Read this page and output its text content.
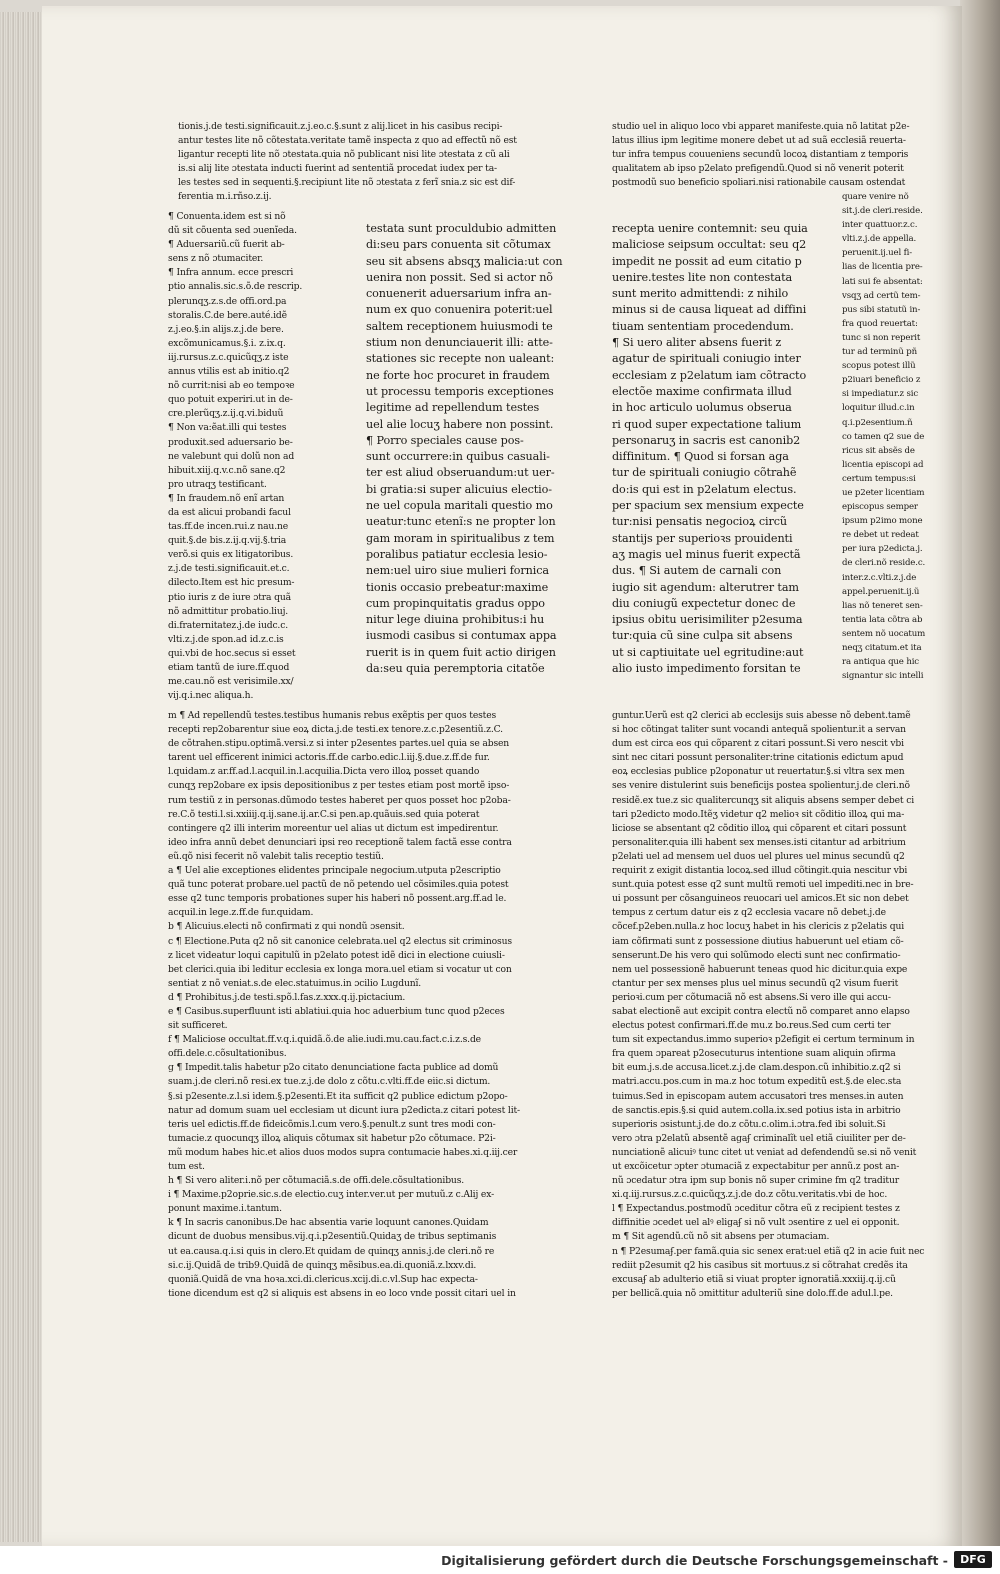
tionis.j.de testi.significauit.z.j.eo.c.§.sunt z alij.licet in his casibus recipi-
antur testes lite nõ cõtestata.veritate tamẽ inspecta z quo ad effectũ nõ est
ligantur recepti lite nõ ɔtestata.quia nõ publicant nisi lite ɔtestata z cũ ali
is.si alij lite ɔtestata inducti fuerint ad sententiã procedat iudex per ta-
les testes sed in sequenti.§.recipiunt lite nõ ɔtestata z ferĩ snia.z sic est dif-
ferentia m.i.rñso.z.ij.
¶ Conuenta.idem est si nõ
dũ sit cõuenta sed ɔuenĩeda.
¶ Aduersariũ.cũ fuerit ab-
sens z nõ ɔtumaciter.
¶ Infra annum. ecce prescri
ptio annalis.sic.s.õ.de rescrip.
plerunqʒ.z.s.de offi.ord.pa
storalis.C.de bere.auté.idẽ
z.j.eo.§.in alijs.z.j.de bere.
excõmunicamus.§.i. z.ix.q.
iij.rursus.z.c.quicũqʒ.z iste
annus vtilis est ab initio.q2
nõ currit:nisi ab eo tempoꝛe
quo potuit experiri.ut in de-
cre.plerũqʒ.z.ij.q.vi.biduũ
¶ Non va:ẽat.illi qui testes
produxit.sed aduersario be-
ne valebunt qui dolũ non ad
hibuit.xiij.q.v.c.nõ sane.q2
pro utraqʒ testificant.
¶ In fraudem.nõ enĩ artan
da est alicui probandi facul
tas.ff.de incen.rui.z nau.ne
quit.§.de bis.z.ij.q.vij.§.tria
verõ.si quis ex litigatoribus.
z.j.de testi.significauit.et.c.
dilecto.Item est hic presum-
ptio iuris z de iure ɔtra quã
nõ admittitur probatio.liuj.
di.fraternitatez.j.de iudc.c.
vlti.z.j.de spon.ad id.z.c.is
qui.vbi de hoc.secus si esset
etiam tantũ de iure.ff.quod
me.cau.nõ est verisimile.xx/
vij.q.i.nec aliqua.h.
testata sunt proculdubio admitten
di:seu pars conuenta sit cõtumax
seu sit absens absqʒ malicia:ut con
uenira non possit. Sed si actor nõ
conuenerit aduersarium infra an-
num ex quo conuenira poterit:uel
saltem receptionem huiusmodi te
stium non denunciauerit illi: atte-
stationes sic recepte non ualeant:
ne forte hoc procuret in fraudem
ut processu temporis exceptiones
legitime ad repellendum testes
uel alie locuʒ habere non possint.
¶ Porro speciales cause pos-
sunt occurrere:in quibus casuali-
ter est aliud obseruandum:ut uer-
bi gratia:si super alicuius electio-
ne uel copula maritali questio mo
ueatur:tunc etenĩ:s ne propter lon
gam moram in spiritualibus z tem
poralibus patiatur ecclesia lesio-
nem:uel uiro siue mulieri fornica
tionis occasio prebeatur:maxime
cum propinquitatis gradus oppo
nitur lege diuina prohibitus:i hu
iusmodi casibus si contumax appa
ruerit is in quem fuit actio dirigen
da:seu quia peremptoria citatõe
studio uel in aliquo loco vbi apparet manifeste.quia nõ latitat p2e-
latus illius ipm legitime monere debet ut ad suã ecclesiã reuerta-
tur infra tempus couueniens secundũ locoꝝ distantiam z temporis
qualitatem ab ipso p2elato prefigendũ.Quod si nõ venerit poterit
postmodũ suo beneficio spoliari.nisi rationabile causam ostendat
recepta uenire contemnit: seu quia
maliciose seipsum occultat: seu q2
impedit ne possit ad eum citatio p
uenire.testes lite non contestata
sunt merito admittendi: z nihilo
minus si de causa liqueat ad diffini
tiuam sententiam procedendum.
¶ Si uero aliter absens fuerit z
agatur de spirituali coniugio inter
ecclesiam z p2elatum iam cõtracto
electõe maxime confirmata illud
in hoc articulo uolumus obserua
ri quod super expectatione talium
personaruʒ in sacris est canonib2
diffinitum. ¶ Quod si forsan aga
tur de spirituali coniugio cõtrahẽ
do:is qui est in p2elatum electus.
per spacium sex mensium expecte
tur:nisi pensatis negocioꝝ circũ
stantijs per superioꝛs prouidenti
aʒ magis uel minus fuerit expectã
dus. ¶ Si autem de carnali con
iugio sit agendum: alterutrer tam
diu coniugũ expectetur donec de
ipsius obitu uerisimiliter p2esuma
tur:quia cũ sine culpa sit absens
ut si captiuitate uel egritudine:aut
alio iusto impedimento forsitan te
quare venire nõ
sit.j.de cleri.reside.
inter quattuor.z.c.
vlti.z.j.de appella.
peruenit.ij.uel fi-
lias de licentia pre-
lati sui fe absentat:
vsqʒ ad certũ tem-
pus sibi statutũ in-
fra quod reuertat:
tunc si non reperit
tur ad terminũ pñ
scopus potest illũ
p2iuari beneficio z
si impediatur.z sic
loquitur illud.c.in
q.i.p2esentium.ñ
co tamen q2 sue de
ricus sit absẽs de
licentia episcopi ad
certum tempus:si
ue p2eter licentiam
episcopus semper
ipsum p2imo mone
re debet ut redeat
per iura p2edicta.j.
de cleri.nõ reside.c.
inter.z.c.vlti.z.j.de
appel.peruenit.ij.ũ
lias nõ teneret sen-
tentia lata cõtra ab
sentem nõ uocatum
neqʒ citatum.et ita
ra antiqua que hic
signantur sic intelli
m ¶ Ad repellendũ testes.testibus humanis rebus exẽptis per quos testes
recepti rep2obarentur siue eoꝝ dicta.j.de testi.ex tenore.z.c.p2esentiũ.z.C.
de cõtrahen.stipu.optimã.versi.z si inter p2esentes partes.uel quia se absen
tarent uel efficerent inimici actoris.ff.de carbo.edic.l.iij.§.due.z.ff.de fur.
l.quidam.z ar.ff.ad.l.acquil.in.l.acquilia.Dicta vero illoꝝ posset quando
cunqʒ rep2obare ex ipsis depositionibus z per testes etiam post mortẽ ipso-
rum testiũ z in personas.dũmodo testes haberet per quos posset hoc p2oba-
re.C.õ testi.l.si.xxiiij.q.ij.sane.ij.ar.C.si pen.ap.quãuis.sed quia poterat
contingere q2 illi interim moreentur uel alias ut dictum est impedirentur.
ideo infra annũ debet denunciari ipsi reo receptionẽ talem factã esse contra
eũ.qõ nisi fecerit nõ valebit talis receptio testiũ.
a ¶ Uel alie exceptiones elidentes principale negocium.utputa p2escriptio
quã tunc poterat probare.uel pactũ de nõ petendo uel cõsimiles.quia potest
esse q2 tunc temporis probationes super his haberi nõ possent.arg.ff.ad le.
acquil.in lege.z.ff.de fur.quidam.
b ¶ Alicuius.electi nõ confirmati z qui nondũ ɔsensit.
c ¶ Electione.Puta q2 nõ sit canonice celebrata.uel q2 electus sit criminosus
z licet videatur loqui capitulũ in p2elato potest idẽ dici in electione cuiusli-
bet clerici.quia ibi leditur ecclesia ex longa mora.uel etiam si vocatur ut con
sentiat z nõ veniat.s.de elec.statuimus.in ɔcilio Lugdunĩ.
d ¶ Prohibitus.j.de testi.spõ.l.fas.z.xxx.q.ij.pictacium.
e ¶ Casibus.superfluunt isti ablatiui.quia hoc aduerbium tunc quod p2eces
sit sufficeret.
f ¶ Maliciose occultat.ff.v.q.i.quidã.õ.de alie.iudi.mu.cau.fact.c.i.z.s.de
offi.dele.c.cõsultationibus.
g ¶ Impedit.talis habetur p2o citato denunciatione facta publice ad domũ
suam.j.de cleri.nõ resi.ex tue.z.j.de dolo z cõtu.c.vlti.ff.de eiic.si dictum.
§.si p2esente.z.l.si idem.§.p2esenti.Et ita sufficit q2 publice edictum p2opo-
natur ad domum suam uel ecclesiam ut dicunt iura p2edicta.z citari potest lit-
teris uel edictis.ff.de fideicõmis.l.cum vero.§.penult.z sunt tres modi con-
tumacie.z quocunqʒ illoꝝ aliquis cõtumax sit habetur p2o cõtumace. P2i-
mũ modum habes hic.et alios duos modos supra contumacie habes.xi.q.iij.cer
tum est.
h ¶ Si vero aliter.i.nõ per cõtumaciã.s.de offi.dele.cõsultationibus.
i ¶ Maxime.p2oprie.sic.s.de electio.cuʒ inter.ver.ut per mutuũ.z c.Alij ex-
ponunt maxime.i.tantum.
k ¶ In sacris canonibus.De hac absentia varie loquunt canones.Quidam
dicunt de duobus mensibus.vij.q.i.p2esentiũ.Quidaʒ de tribus septimanis
ut ea.causa.q.i.si quis in clero.Et quidam de quinqʒ annis.j.de cleri.nõ re
si.c.ij.Quidã de trib9.Quidã de quinqʒ mẽsibus.ea.di.quoniã.z.lxxv.di.
quoniã.Quidã de vna hoꝛa.xci.di.clericus.xcij.di.c.vl.Sup hac expecta-
tione dicendum est q2 si aliquis est absens in eo loco vnde possit citari uel in
guntur.Uerũ est q2 clerici ab ecclesijs suis abesse nõ debent.tamẽ
si hoc cõtingat taliter sunt vocandi antequã spolientur.it a servan
dum est circa eos qui cõparent z citari possunt.Si vero nescit vbi
sint nec citari possunt personaliter:trine citationis edictum apud
eoꝝ ecclesias publice p2oponatur ut reuertatur.§.si vltra sex men
ses venire distulerint suis beneficijs postea spolientur.j.de cleri.nõ
residẽ.ex tue.z sic qualitercunqʒ sit aliquis absens semper debet ci
tari p2edicto modo.Itẽʒ videtur q2 melioꝛ sit cõditio illoꝝ qui ma-
liciose se absentant q2 cõditio illoꝝ qui cõparent et citari possunt
personaliter.quia illi habent sex menses.isti citantur ad arbitrium
p2elati uel ad mensem uel duos uel plures uel minus secundũ q2
requirit z exigit distantia locoꝝ.sed illud cõtingit.quia nescitur vbi
sunt.quia potest esse q2 sunt multũ remoti uel impediti.nec in bre-
ui possunt per cõsanguineos reuocari uel amicos.Et sic non debet
tempus z certum datur eis z q2 ecclesia vacare nõ debet.j.de
cõcef.p2eben.nulla.z hoc locuʒ habet in his clericis z p2elatis qui
iam cõfirmati sunt z possessione diutius habuerunt uel etiam cõ-
senserunt.De his vero qui solũmodo electi sunt nec confirmatio-
nem uel possessionẽ habuerunt teneas quod hic dicitur.quia expe
ctantur per sex menses plus uel minus secundũ q2 visum fuerit
perioꝛi.cum per cõtumaciã nõ est absens.Si vero ille qui accu-
sabat electionẽ aut excipit contra electũ nõ comparet anno elapso
electus potest confirmari.ff.de mu.z bo.reus.Sed cum certi ter
tum sit expectandus.immo superioꝛ p2efigit ei certum terminum in
fra quem ɔpareat p2osecuturus intentione suam aliquin ɔfirma
bit eum.j.s.de accusa.licet.z.j.de clam.despon.cũ inhibitio.z.q2 si
matri.accu.pos.cum in ma.z hoc totum expeditũ est.§.de elec.sta
tuimus.Sed in episcopam autem accusatori tres menses.in auten
de sanctis.epis.§.si quid autem.colla.ix.sed potius ista in arbitrio
superioris ɔsistunt.j.de do.z cõtu.c.olim.i.ɔtra.fed ibi soluit.Si
vero ɔtra p2elatũ absentẽ agaʄ criminalĩt uel etiã ciuiliter per de-
nunciationẽ alicuiꝰ tunc citet ut veniat ad defendendũ se.si nõ venit
ut excõicetur ɔpter ɔtumaciã z expectabitur per annũ.z post an-
nũ ɔcedatur ɔtra ipm sup bonis nõ super crimine fm q2 traditur
xi.q.iij.rursus.z.c.quicũqʒ.z.j.de do.z cõtu.veritatis.vbi de hoc.
l ¶ Expectandus.postmodũ ɔceditur cõtra eũ z recipient testes z
diffinitie ɔcedet uel alꝰ eligaʄ si nõ vult ɔsentire z uel ei opponit.
m ¶ Sit agendũ.cũ nõ sit absens per ɔtumaciam.
n ¶ P2esumaʄ.per famã.quia sic senex erat:uel etiã q2 in acie fuit nec
rediit p2esumit q2 his casibus sit mortuus.z si cõtrahat credẽs ita
excusaʄ ab adulterio etiã si viuat propter ignoratiã.xxxiij.q.ij.cũ
per bellicã.quia nõ ɔmittitur adulteriũ sine dolo.ff.de adul.l.pe.
Digitalisierung gefördert durch die Deutsche Forschungsgemeinschaft -	DFG
